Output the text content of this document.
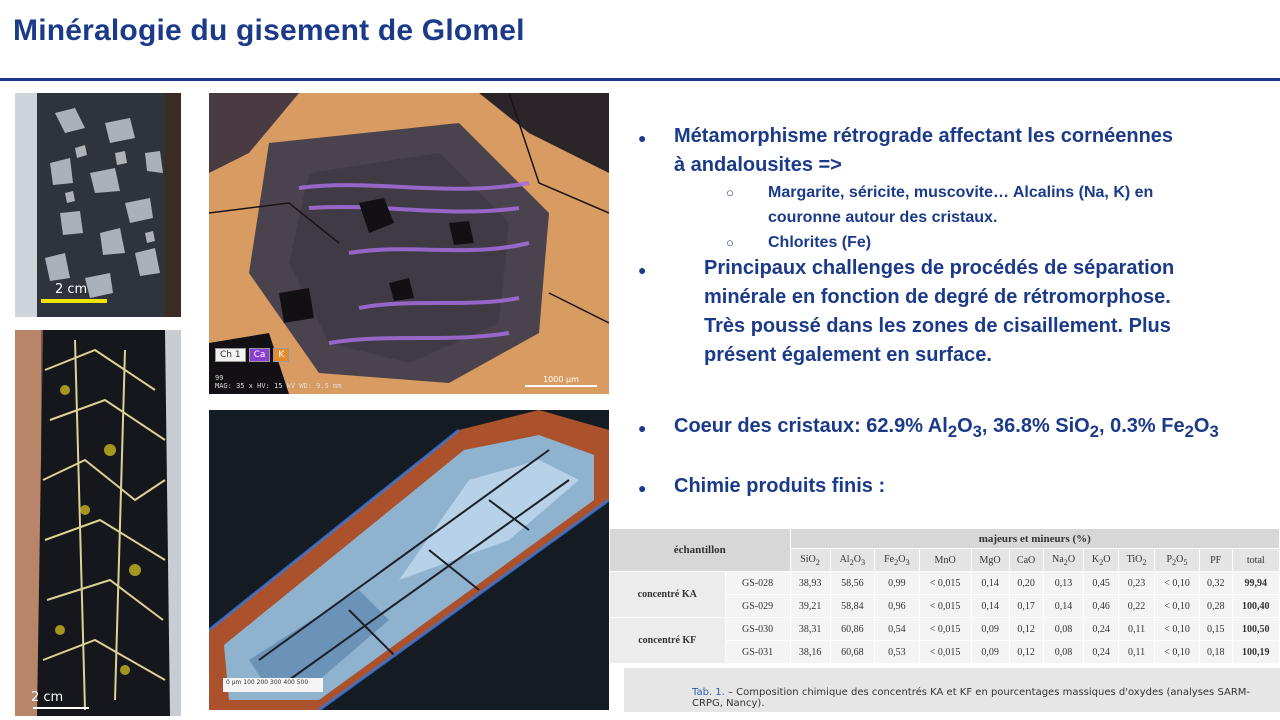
Minéralogie du gisement de Glomel
2 cm
2 cm
Ch 1	Ca	K
99
MAG: 35 x HV: 15 kV WD: 9.5 mm
1000 µm
0 µm 100 200 300 400 500
● Métamorphisme rétrograde affectant les cornéennes
à andalousites =>
○ Margarite, séricite, muscovite… Alcalins (Na, K) en
couronne autour des cristaux.
○ Chlorites (Fe)
●	Principaux challenges de procédés de séparation
minérale en fonction de degré de rétromorphose.
Très poussé dans les zones de cisaillement. Plus
présent également en surface.
● Coeur des cristaux: 62.9% $Al_2O_3$, 36.8% SiO$_2$, 0.3% $Fe_2O_3$
● Chimie produits finis :
échantillon		majeurs et mineurs (%)											
		SiO$_2$	$Al_2O_3$	$Fe_2O_3$	MnO	MgO	CaO	$Na_2O$	$K_2O$	TiO$_2$	$P_2O_5$	PF	total
concentré KA	GS-028	38,93	58,56	0,99	< 0,015	0,14	0,20	0,13	0,45	0,23	< 0,10	0,32	99,94
	GS-029	39,21	58,84	0,96	< 0,015	0,14	0,17	0,14	0,46	0,22	< 0,10	0,28	100,40
concentré KF	GS-030	38,31	60,86	0,54	< 0,015	0,09	0,12	0,08	0,24	0,11	< 0,10	0,15	100,50
	GS-031	38,16	60,68	0,53	< 0,015	0,09	0,12	0,08	0,24	0,11	< 0,10	0,18	100,19
Tab. 1. – Composition chimique des concentrés KA et KF en pourcentages massiques d'oxydes (analyses SARM-CRPG, Nancy).
